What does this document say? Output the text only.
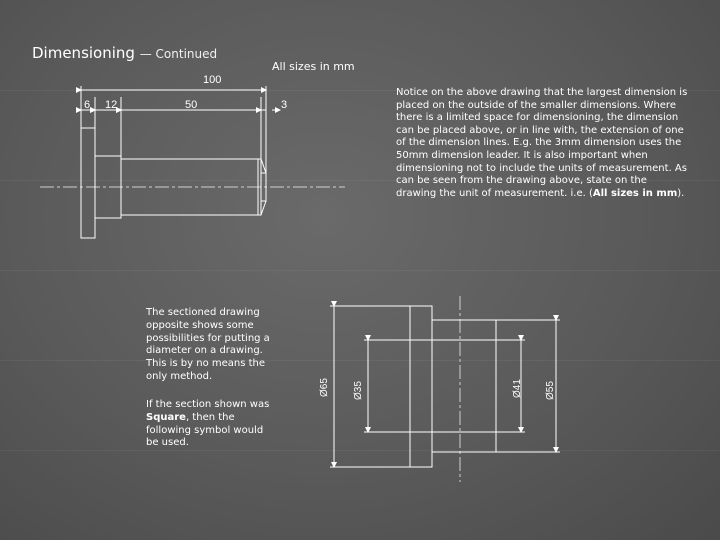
Dimensioning — Continued
All sizes in mm
Notice on the above drawing that the largest dimension is placed on the outside of the smaller dimensions. Where there is a limited space for dimensioning, the dimension can be placed above, or in line with, the extension of one of the dimension lines. E.g. the 3mm dimension uses the 50mm dimension leader. It is also important when dimensioning not to include the units of measurement. As can be seen from the drawing above, state on the drawing the unit of measurement. i.e. (All sizes in mm).
The sectioned drawing opposite shows some possibilities for putting a diameter on a drawing. This is by no means the only method.
If the section shown was Square, then the following symbol would be used.
100
6 12	50	3
Ø65 Ø35	Ø41 Ø55
